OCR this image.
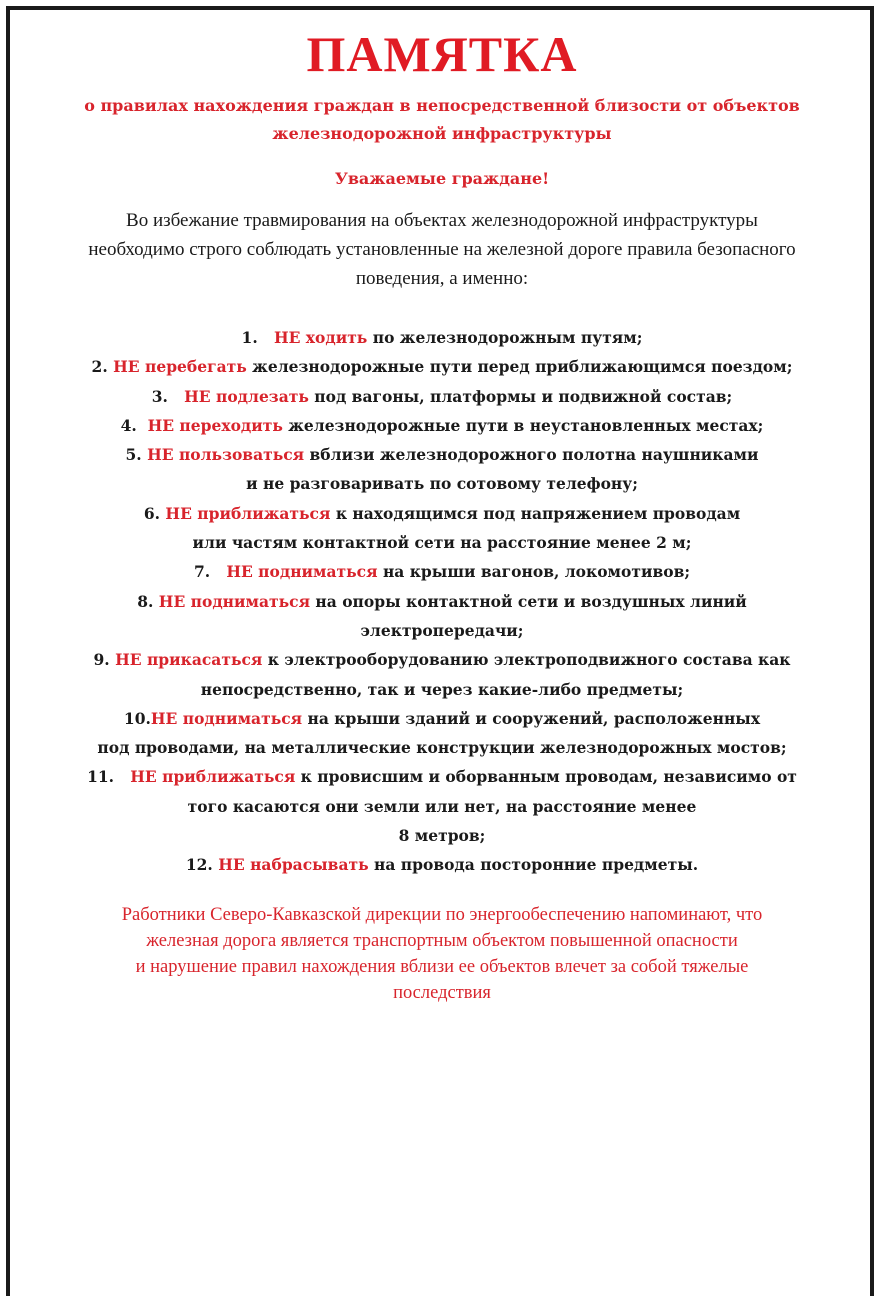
ПАМЯТКА
о правилах нахождения граждан в непосредственной близости от объектов
железнодорожной инфраструктуры
Уважаемые граждане!
Во избежание травмирования на объектах железнодорожной инфраструктуры
необходимо строго соблюдать установленные на железной дороге правила безопасного
поведения, а именно:
1. НЕ ходить по железнодорожным путям;
2. НЕ перебегать железнодорожные пути перед приближающимся поездом;
3. НЕ подлезать под вагоны, платформы и подвижной состав;
4. НЕ переходить железнодорожные пути в неустановленных местах;
5. НЕ пользоваться вблизи железнодорожного полотна наушниками
и не разговаривать по сотовому телефону;
6. НЕ приближаться к находящимся под напряжением проводам
или частям контактной сети на расстояние менее 2 м;
7. НЕ подниматься на крыши вагонов, локомотивов;
8. НЕ подниматься на опоры контактной сети и воздушных линий
электропередачи;
9. НЕ прикасаться к электрооборудованию электроподвижного состава как
непосредственно, так и через какие-либо предметы;
10.НЕ подниматься на крыши зданий и сооружений, расположенных
под проводами, на металлические конструкции железнодорожных мостов;
11. НЕ приближаться к провисшим и оборванным проводам, независимо от
того касаются они земли или нет, на расстояние менее
8 метров;
12. НЕ набрасывать на провода посторонние предметы.
Работники Северо-Кавказской дирекции по энергообеспечению напоминают, что
железная дорога является транспортным объектом повышенной опасности
и нарушение правил нахождения вблизи ее объектов влечет за собой тяжелые
последствия
